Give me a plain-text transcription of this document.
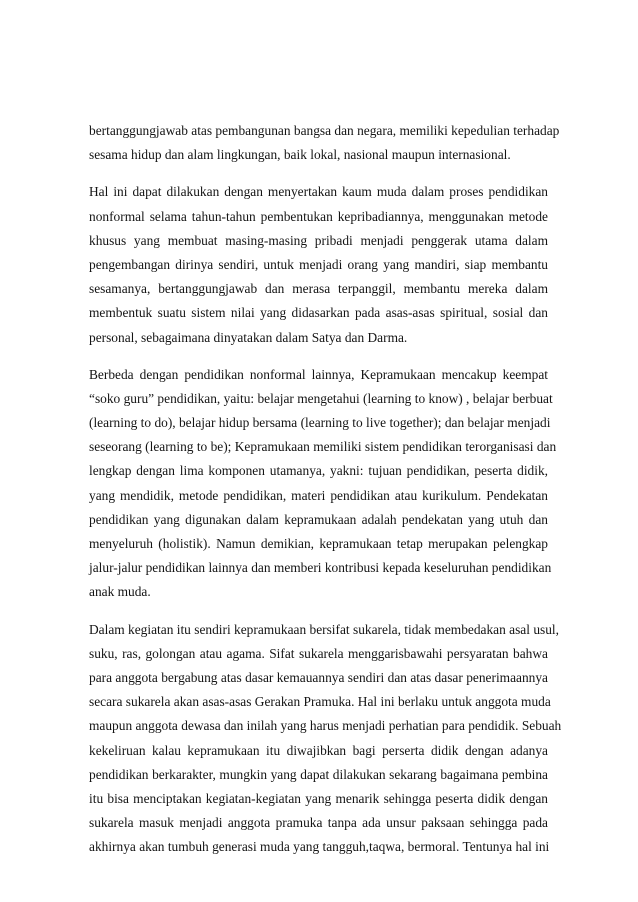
bertanggungjawab atas pembangunan bangsa dan negara, memiliki kepedulian terhadap
sesama hidup dan alam lingkungan, baik lokal, nasional maupun internasional.
Hal ini dapat dilakukan dengan menyertakan kaum muda dalam proses pendidikan
nonformal selama tahun-tahun pembentukan kepribadiannya, menggunakan metode
khusus yang membuat masing-masing pribadi menjadi penggerak utama dalam
pengembangan dirinya sendiri, untuk menjadi orang yang mandiri, siap membantu
sesamanya, bertanggungjawab dan merasa terpanggil, membantu mereka dalam
membentuk suatu sistem nilai yang didasarkan pada asas-asas spiritual, sosial dan
personal, sebagaimana dinyatakan dalam Satya dan Darma.
Berbeda dengan pendidikan nonformal lainnya, Kepramukaan mencakup keempat
“soko guru” pendidikan, yaitu: belajar mengetahui (learning to know) , belajar berbuat
(learning to do), belajar hidup bersama (learning to live together); dan belajar menjadi
seseorang (learning to be); Kepramukaan memiliki sistem pendidikan terorganisasi dan
lengkap dengan lima komponen utamanya, yakni: tujuan pendidikan, peserta didik,
yang mendidik, metode pendidikan, materi pendidikan atau kurikulum. Pendekatan
pendidikan yang digunakan dalam kepramukaan adalah pendekatan yang utuh dan
menyeluruh (holistik). Namun demikian, kepramukaan tetap merupakan pelengkap
jalur-jalur pendidikan lainnya dan memberi kontribusi kepada keseluruhan pendidikan
anak muda.
Dalam kegiatan itu sendiri kepramukaan bersifat sukarela, tidak membedakan asal usul,
suku, ras, golongan atau agama. Sifat sukarela menggarisbawahi persyaratan bahwa
para anggota bergabung atas dasar kemauannya sendiri dan atas dasar penerimaannya
secara sukarela akan asas-asas Gerakan Pramuka. Hal ini berlaku untuk anggota muda
maupun anggota dewasa dan inilah yang harus menjadi perhatian para pendidik. Sebuah
kekeliruan kalau kepramukaan itu diwajibkan bagi perserta didik dengan adanya
pendidikan berkarakter, mungkin yang dapat dilakukan sekarang bagaimana pembina
itu bisa menciptakan kegiatan-kegiatan yang menarik sehingga peserta didik dengan
sukarela masuk menjadi anggota pramuka tanpa ada unsur paksaan sehingga pada
akhirnya akan tumbuh generasi muda yang tangguh,taqwa, bermoral. Tentunya hal ini
